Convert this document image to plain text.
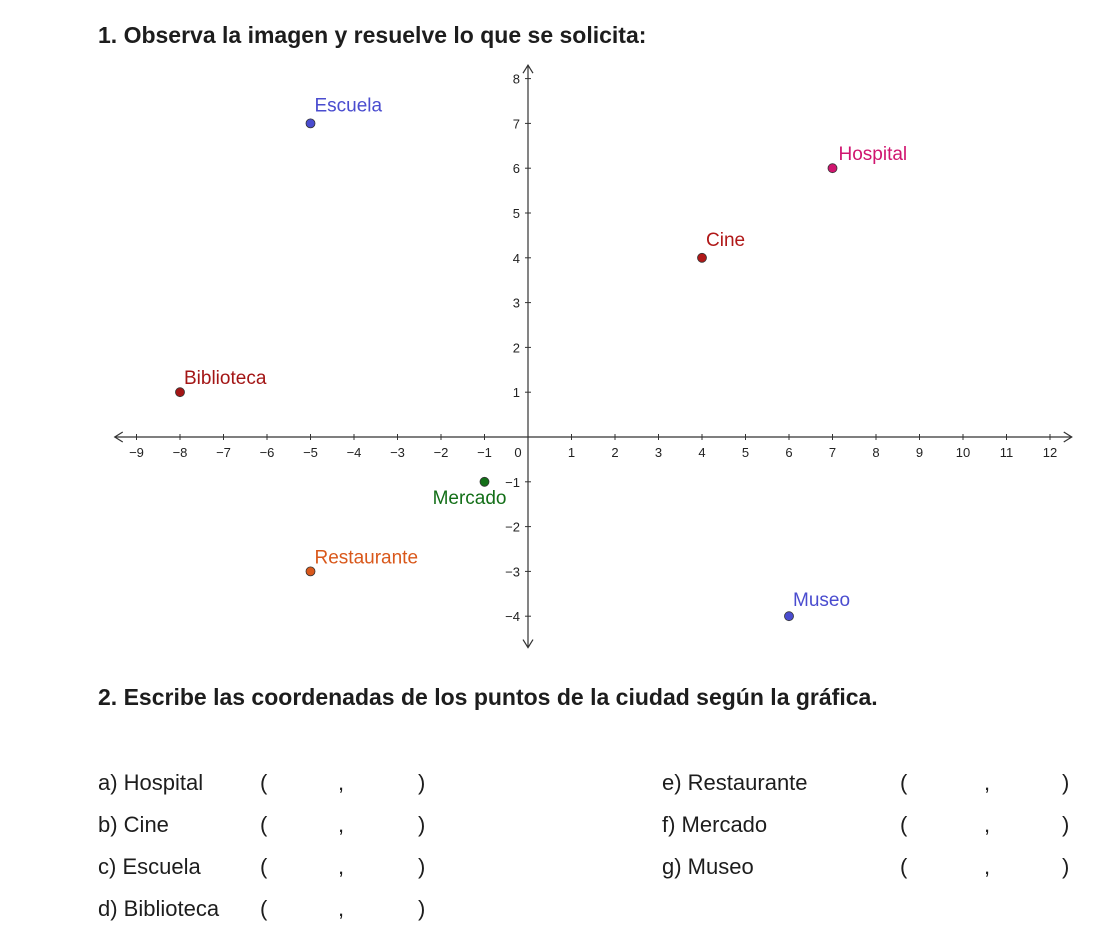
1. Observa la imagen y resuelve lo que se solicita:
−9 −8 −7 −6 −5 −4 −3 −2 −1 0	1	2	3	4	5	6	7	8	9	10 11 12
8
7
6
5
4
3
2
1
−1
−2
−3
−4
Escuela
Hospital
Cine
Biblioteca
Mercado
Restaurante
Museo
2. Escribe las coordenadas de los puntos de la ciudad según la gráfica.
a) Hospital	(	,	)
b) Cine	(	,	)
c) Escuela	(	,	)
d) Biblioteca (	,	)
e) Restaurante	(	,	)
f) Mercado	(	,	)
g) Museo	(	,	)
